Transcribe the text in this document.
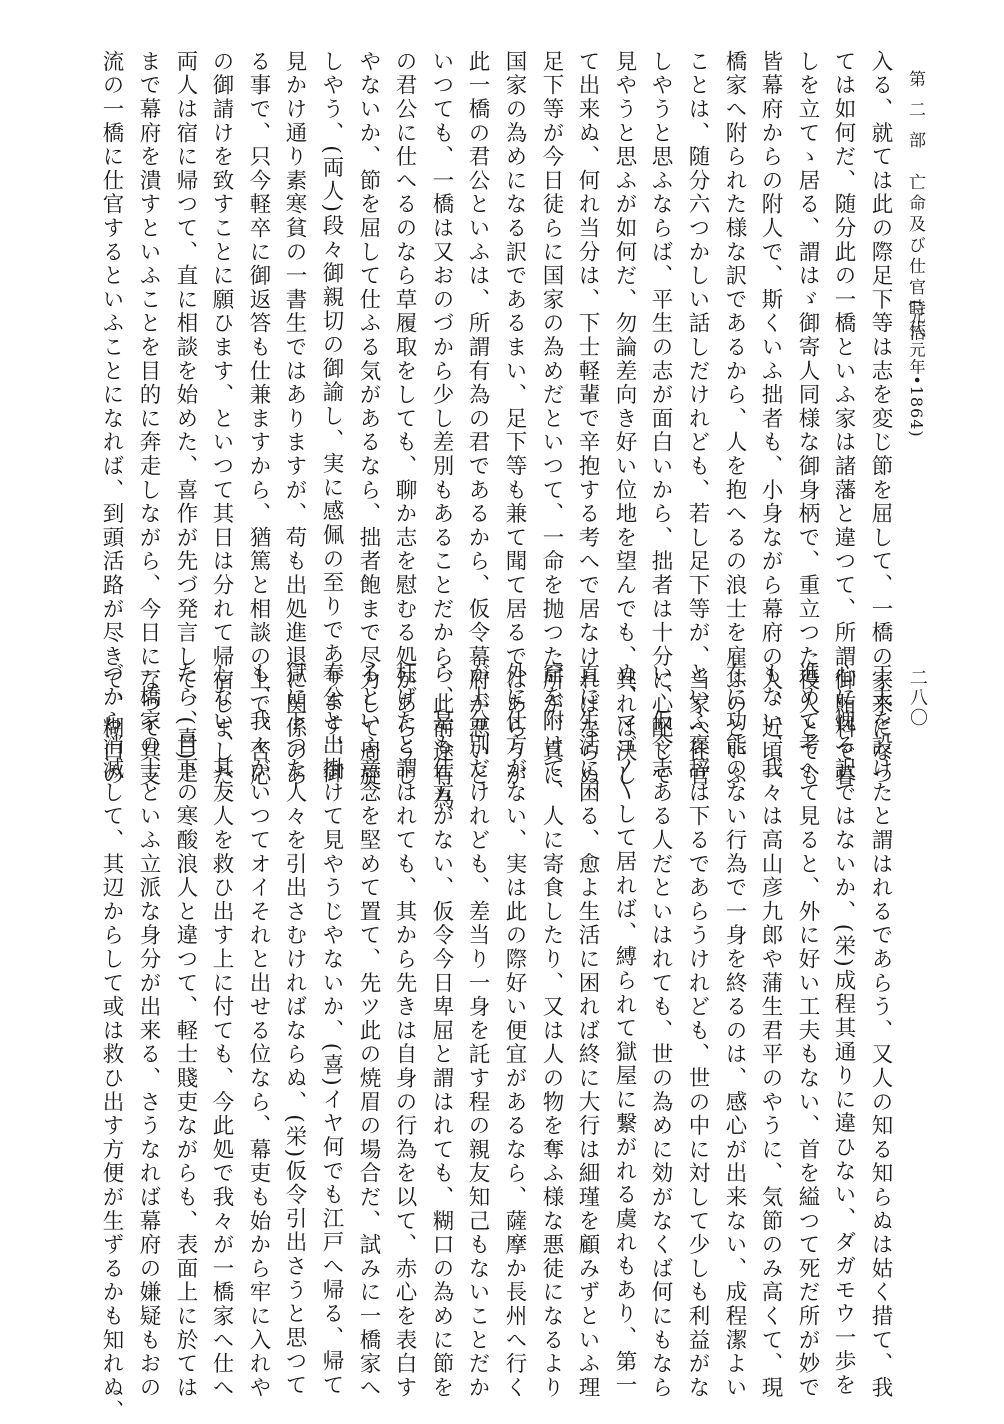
第 二 部　亡命及び仕官時代
(元治元年•1864)
二八〇
入る、就ては此の際足下等は志を変じ節を屈して、一橋の家来になつ
ては如何だ、随分此の一橋といふ家は諸藩と違つて、所謂御賄料で暮
しを立てゝ居る、謂はゞ御寄人同様な御身柄で、重立つた役人とても
皆幕府からの附人で、斯くいふ拙者も、小身ながら幕府の人、近頃一
橋家へ附られた様な訳であるから、人を抱へるの浪士を雇ふのといふ
ことは、随分六つかしい話しだけれども、若し足下等が、当家へ仕官
しやうと思ふならば、平生の志が面白いから、拙者は十分に心配して
見やうと思ふが如何だ、勿論差向き好い位地を望んでも、其れは決し
て出来ぬ、何れ当分は、下士軽輩で辛抱する考へで居なければならぬ、
足下等が今日徒らに国家の為めだといつて、一命を抛つた所が、真に
国家の為めになる訳であるまい、足下等も兼て聞て居るではあらうが
此一橋の君公といふは、所謂有為の君であるから、仮令幕府が悪いと
いつても、一橋は又おのづから少し差別もあることだから、此前途有為
の君公に仕へるのなら草履取をしても、聊か志を慰むる処があらうじ
やないか、節を屈して仕ふる気があるなら、拙者飽まで尽力して周旋
しやう、(両人)段々御親切の御諭し、実に感佩の至りであります、御
見かけ通り素寒貧の一書生ではありますが、苟も出処進退に関係のあ
る事で、只今軽卒に御返答も仕兼ますから、猶篤と相談の上で、否応
の御請けを致すことに願ひます、といつて其日は分れて帰宿しました、
両人は宿に帰つて、直に相談を始めた、喜作が先づ発言して、(喜)是
まで幕府を潰すといふことを目的に奔走しながら、今日になつて其支
流の一橋に仕官するといふことになれば、到頭活路が尽きて、糊口の
工夫を設けたと謂はれるであらう、又人の知る知らぬは姑く措て、我
心に愧る訳ではないか、(栄)成程其通りに違ひない、ダガモウ一歩を
進めて考へて見ると、外に好い工夫もない、首を縊つて死だ所が妙で
もない、我々は高山彦九郎や蒲生君平のやうに、気節のみ高くて、現
在に功能のない行為で一身を終るのは、感心が出来ない、成程潔よい
といふ褒辞は下るであらうけれども、世の中に対して少しも利益がな
い、仮令志ある人だといはれても、世の為めに効がなくば何にもなら
ぬ、マゴ〳〵して居れば、縛られて獄屋に繋がれる虞れもあり、第一
直に生活に困る、愈よ生活に困れば終に大行は細瑾を顧みずといふ理
窟を附けて、人に寄食したり、又は人の物を奪ふ様な悪徒になるより
外に仕方がない、実は此の際好い便宜があるなら、薩摩か長州へ行く
が上分別だけれども、差当り一身を託す程の親友知己もないことだか
ら、是も仕方がない、仮令今日卑屈と謂はれても、糊口の為めに節を
枉げたと謂はれても、其から先きは自身の行為を以て、赤心を表白す
るといふ意念を堅めて置て、先ツ此の焼眉の場合だ、試みに一橋家へ
奉公と出掛けて見やうじやないか、(喜)イヤ何でも江戸へ帰る、帰て
獄に下つた人々を引出さむければならぬ、(栄)仮令引出さうと思つて
も、我々がいつてオイそれと出せる位なら、幕吏も始から牢に入れや
しない、其友人を救ひ出す上に付ても、今此処で我々が一橋家へ仕へ
たら、目下の寒酸浪人と違つて、軽士賤吏ながらも、表面上に於ては
一橋家の士といふ立派な身分が出来る、さうなれば幕府の嫌疑もおの
づから消滅して、其辺からして或は救ひ出す方便が生ずるかも知れぬ、
